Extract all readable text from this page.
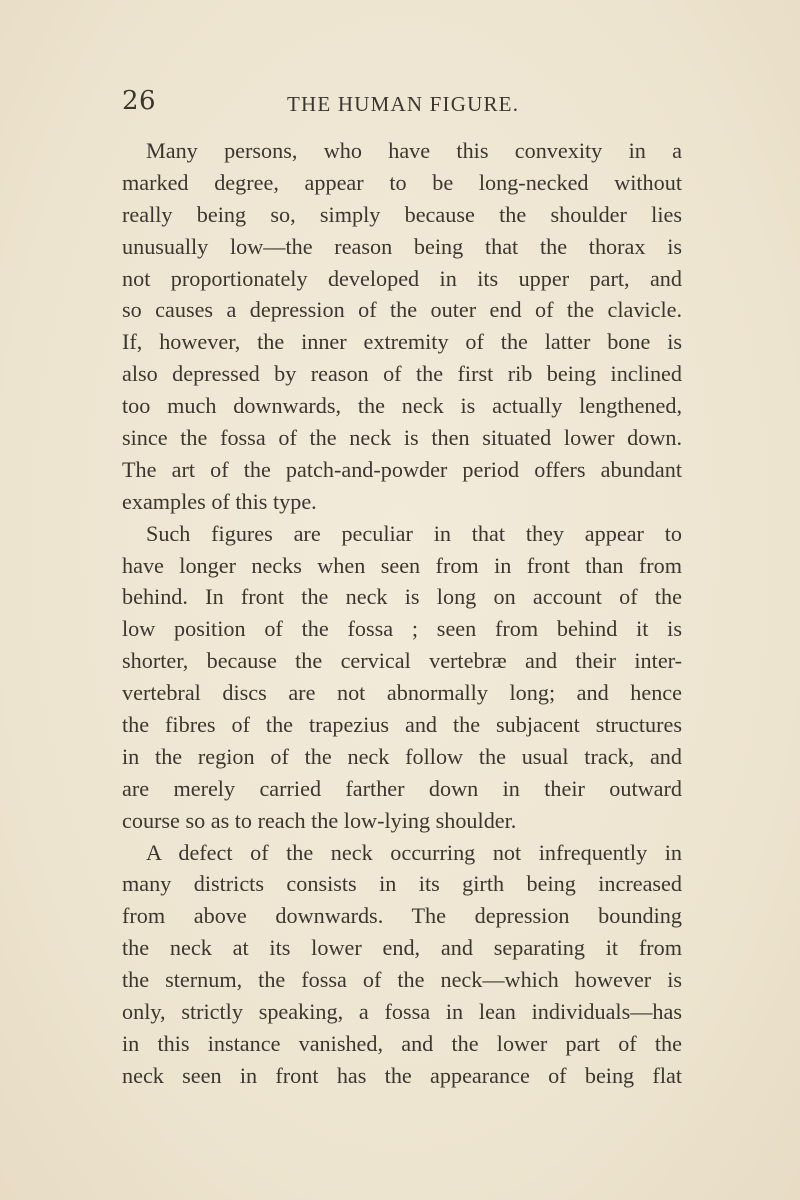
26	THE HUMAN FIGURE.
Many persons, who have this convexity in a
marked degree, appear to be long-necked without
really being so, simply because the shoulder lies
unusually low—the reason being that the thorax is
not proportionately developed in its upper part, and
so causes a depression of the outer end of the clavicle.
If, however, the inner extremity of the latter bone is
also depressed by reason of the first rib being inclined
too much downwards, the neck is actually lengthened,
since the fossa of the neck is then situated lower down.
The art of the patch-and-powder period offers abundant
examples of this type.
Such figures are peculiar in that they appear to
have longer necks when seen from in front than from
behind. In front the neck is long on account of the
low position of the fossa ; seen from behind it is
shorter, because the cervical vertebræ and their inter-
vertebral discs are not abnormally long; and hence
the fibres of the trapezius and the subjacent structures
in the region of the neck follow the usual track, and
are merely carried farther down in their outward
course so as to reach the low-lying shoulder.
A defect of the neck occurring not infrequently in
many districts consists in its girth being increased
from above downwards. The depression bounding
the neck at its lower end, and separating it from
the sternum, the fossa of the neck—which however is
only, strictly speaking, a fossa in lean individuals—has
in this instance vanished, and the lower part of the
neck seen in front has the appearance of being flat
